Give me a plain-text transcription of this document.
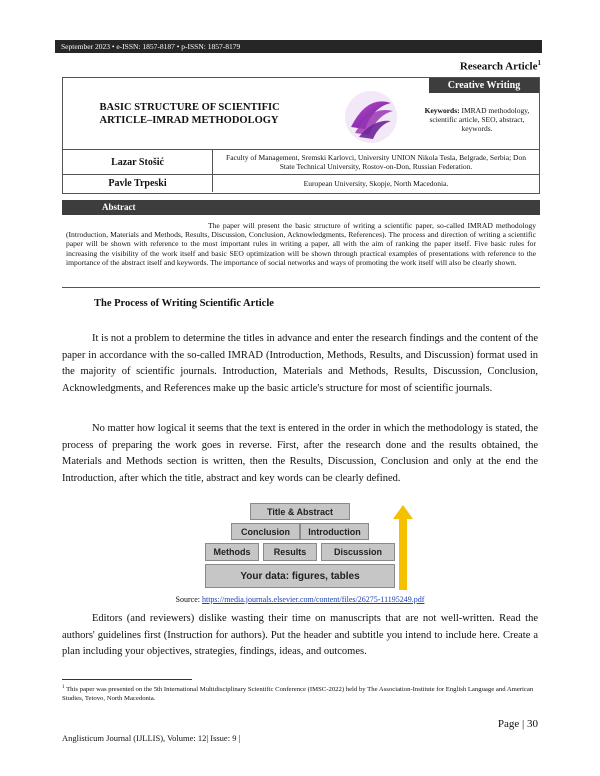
September 2023 • e-ISSN: 1857-8187 • p-ISSN: 1857-8179
Research Article$^1$
BASIC STRUCTURE OF SCIENTIFIC
ARTICLE–IMRAD METHODOLOGY
Creative Writing
Keywords: IMRAD methodology, scientific article, SEO, abstract, keywords.
Lazar Stošić	Faculty of Management, Sremski Karlovci, University UNION Nikola Tesla, Belgrade, Serbia; Don State Technical University, Rostov-on-Don, Russian Federation.
Pavle Trpeski	European University, Skopje, North Macedonia.
Abstract
The paper will present the basic structure of writing a scientific paper, so-called IMRAD methodology (Introduction, Materials and Methods, Results, Discussion, Conclusion, Acknowledgments, References). The process and direction of writing a scientific paper will be shown with reference to the most important rules in writing a paper, all with the aim of ranking the paper itself. Five basic rules for increasing the visibility of the work itself and basic SEO optimization will be shown through practical examples of presentations with reference to the importance of the abstract itself and keywords. The importance of social networks and ways of promoting the work itself will also be clearly shown.
The Process of Writing Scientific Article
It is not a problem to determine the titles in advance and enter the research findings and the content of the paper in accordance with the so-called IMRAD (Introduction, Methods, Results, and Discussion) format used in the majority of scientific journals. Introduction, Materials and Methods, Results, Discussion, Conclusion, Acknowledgments, and References make up the basic article's structure for most of scientific journals.
No matter how logical it seems that the text is entered in the order in which the methodology is stated, the process of preparing the work goes in reverse. First, after the research done and the results obtained, the Materials and Methods section is written, then the Results, Discussion, Conclusion and only at the end the Introduction, after which the title, abstract and key words can be clearly defined.
Title & Abstract
Conclusion	Introduction
Methods	Results	Discussion
Your data: figures, tables
Source: https://media.journals.elsevier.com/content/files/26275-11195249.pdf
Editors (and reviewers) dislike wasting their time on manuscripts that are not well-written. Read the authors' guidelines first (Instruction for authors). Put the header and subtitle you intend to include here. Create a plan including your objectives, strategies, findings, ideas, and outcomes.
$^1$ This paper was presented on the 5th International Multidisciplinary Scientific Conference (IMSC-2022) held by The Association-Institute for English Language and American Studies, Tetovo, North Macedonia.
Page | 30
Anglisticum Journal (IJLLIS), Volume: 12| Issue: 9 |
